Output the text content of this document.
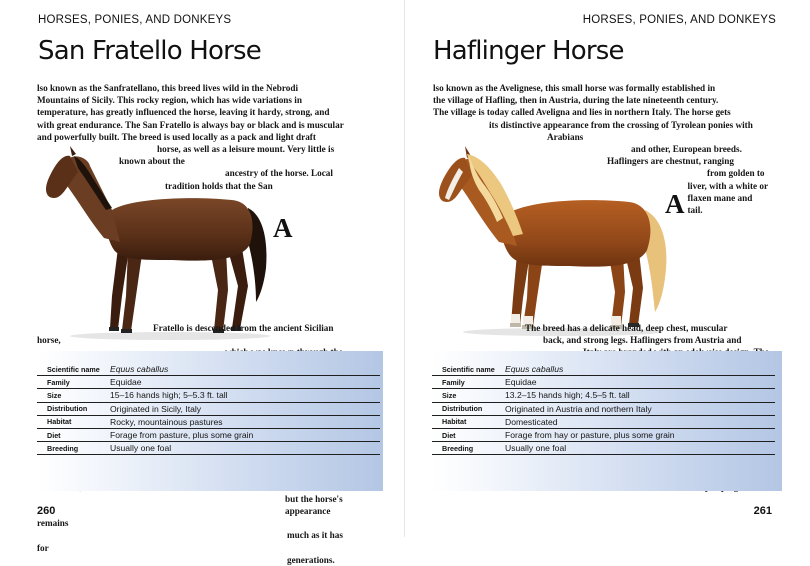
HORSES, PONIES, AND DONKEYS
San Fratello Horse
A
lso known as the Sanfratellano, this breed lives wild in the Nebrodi
Mountains of Sicily. This rocky region, which has wide variations in
temperature, has greatly influenced the horse, leaving it hardy, strong, and
with great endurance. The San Fratello is always bay or black and is muscular
and powerfully built. The breed is used locally as a pack and light draft
horse, as well as a leisure mount. Very little is known about the
ancestry of the horse. Local tradition holds that the San
Fratello is descended from the ancient Sicilian horse,

but the horse's
appearance remains
much as it has for
generations.
Scientific name	Equus caballus
Family	Equidae
Size	15–16 hands high; 5–5.3 ft. tall
Distribution	Originated in Sicily, Italy
Habitat	Rocky, mountainous pastures
Diet	Forage from pasture, plus some grain
Breeding	Usually one foal
260
HORSES, PONIES, AND DONKEYS
Haflinger Horse
A
lso known as the Avelignese, this small horse was formally established in
the village of Hafling, then in Austria, during the late nineteenth century.
The village is today called Aveligna and lies in northern Italy. The horse gets
its distinctive appearance from the crossing of Tyrolean ponies with Arabians
and other, European breeds. Haflingers are chestnut, ranging
from golden to liver, with a white or flaxen mane and tail.
The breed has a delicate head, deep chest, muscular
back, and strong legs. Haflingers from Austria and

Scientific name	Equus caballus
Family	Equidae
Size	13.2–15 hands high; 4.5–5 ft. tall
Distribution	Originated in Austria and northern Italy
Habitat	Domesticated
Diet	Forage from hay or pasture, plus some grain
Breeding	Usually one foal
261
